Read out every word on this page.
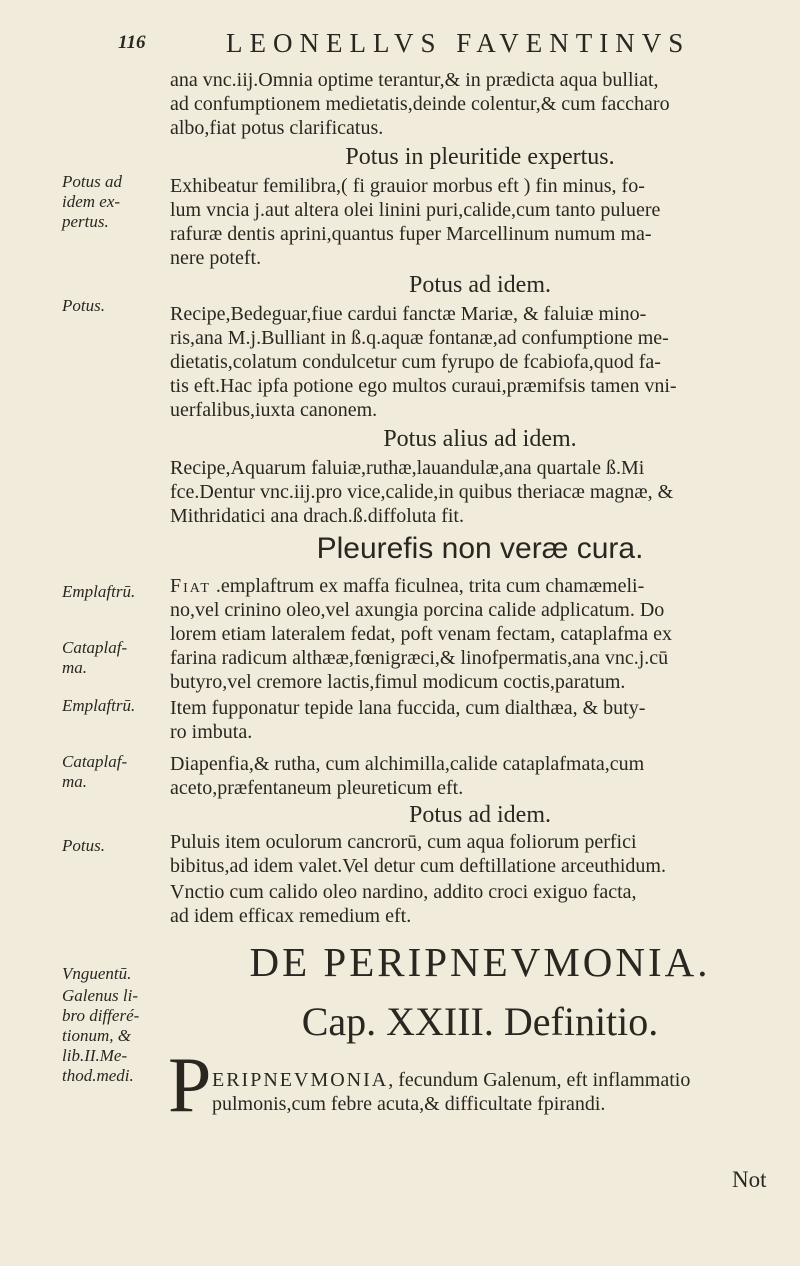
116	LEONELLVS FAVENTINVS
ana vnc.iij.Omnia optime terantur,& in prædicta aqua bulliat,
ad confumptionem medietatis,deinde colentur,& cum faccharo
albo,fiat potus clarificatus.
Potus in pleuritide expertus.
Exhibeatur femilibra,( fi grauior morbus eft ) fin minus, fo-
lum vncia j.aut altera olei linini puri,calide,cum tanto puluere
rafuræ dentis aprini,quantus fuper Marcellinum numum ma-
nere poteft.
Potus ad idem.
Recipe,Bedeguar,fiue cardui fanctæ Mariæ, & faluiæ mino-
ris,ana M.j.Bulliant in ß.q.aquæ fontanæ,ad confumptione me-
dietatis,colatum condulcetur cum fyrupo de fcabiofa,quod fa-
tis eft.Hac ipfa potione ego multos curaui,præmifsis tamen vni-
uerfalibus,iuxta canonem.
Potus alius ad idem.
Recipe,Aquarum faluiæ,ruthæ,lauandulæ,ana quartale ß.Mi
fce.Dentur vnc.iij.pro vice,calide,in quibus theriacæ magnæ, &
Mithridatici ana drach.ß.diffoluta fit.
Pleurefis non veræ cura.
Fiat .emplaftrum ex maffa ficulnea, trita cum chamæmeli-
no,vel crinino oleo,vel axungia porcina calide adplicatum. Do
lorem etiam lateralem fedat, poft venam fectam, cataplafma ex
farina radicum althææ,fœnigræci,& linofpermatis,ana vnc.j.cū
butyro,vel cremore lactis,fimul modicum coctis,paratum.
Item fupponatur tepide lana fuccida, cum dialthæa, & buty-
ro imbuta.
Diapenfia,& rutha, cum alchimilla,calide cataplafmata,cum
aceto,præfentaneum pleureticum eft.
Potus ad idem.
Puluis item oculorum cancrorū, cum aqua foliorum perfici
bibitus,ad idem valet.Vel detur cum deftillatione arceuthidum.
Vnctio cum calido oleo nardino, addito croci exiguo facta,
ad idem efficax remedium eft.
DE PERIPNEVMONIA.
Cap. XXIII. Definitio.
ERIPNEVMONIA, fecundum Galenum, eft inflammatio
pulmonis,cum febre acuta,& difficultate fpirandi.
P
Not
Potus ad
idem ex-
pertus.
Potus.
Emplaftrū.
Cataplaf-
ma.
Emplaftrū.
Cataplaf-
ma.
Potus.
Vnguentū.
Galenus li-
bro differé-
tionum, &
lib.II.Me-
thod.medi.
